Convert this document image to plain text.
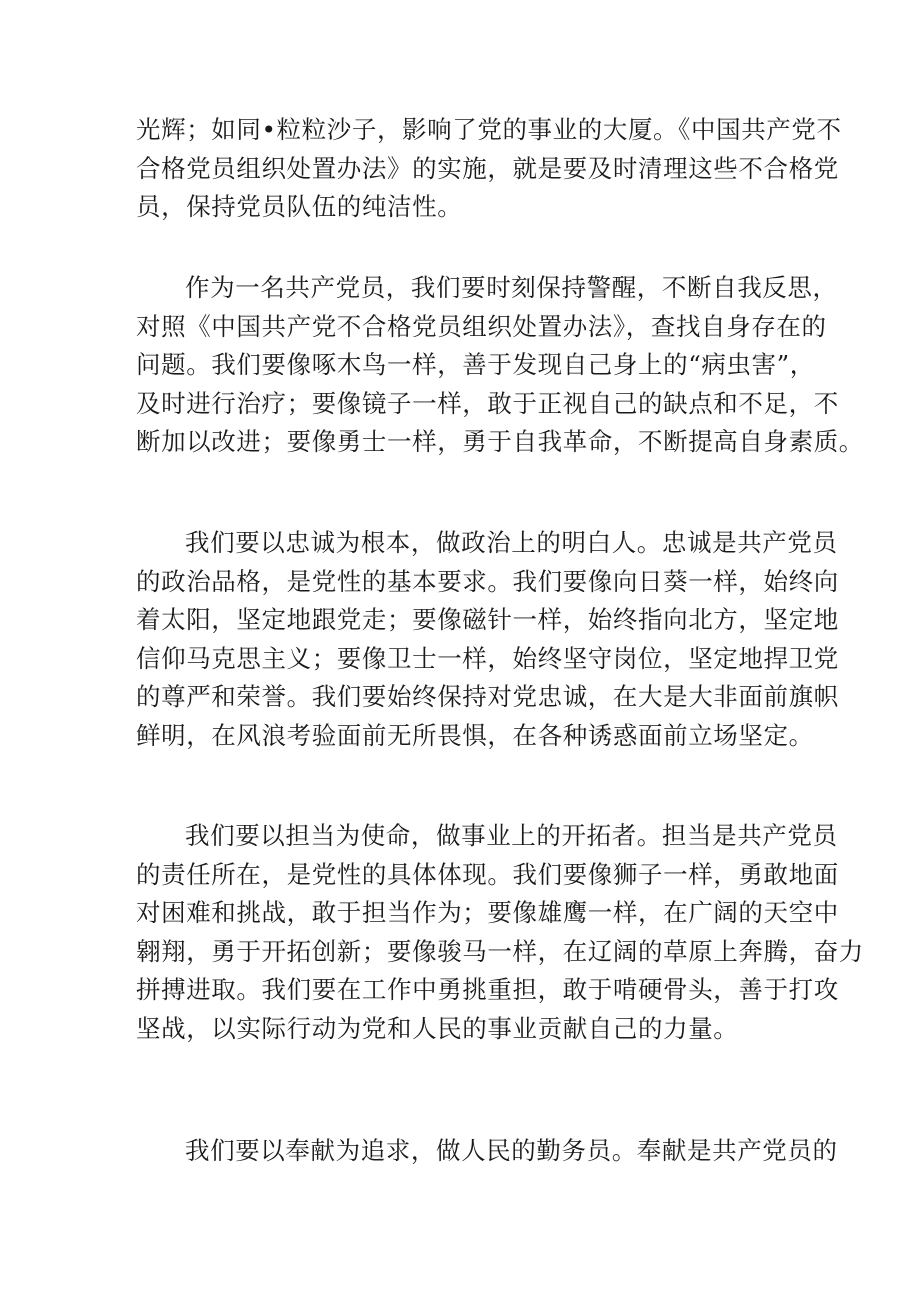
光辉；如同•粒粒沙子，影响了党的事业的大厦。《中国共产党不
合格党员组织处置办法》的实施，就是要及时清理这些不合格党
员，保持党员队伍的纯洁性。
作为一名共产党员，我们要时刻保持警醒，不断自我反思，
对照《中国共产党不合格党员组织处置办法》，查找自身存在的
问题。我们要像啄木鸟一样，善于发现自己身上的“病虫害”，
及时进行治疗；要像镜子一样，敢于正视自己的缺点和不足，不
断加以改进；要像勇士一样，勇于自我革命，不断提高自身素质。
我们要以忠诚为根本，做政治上的明白人。忠诚是共产党员
的政治品格，是党性的基本要求。我们要像向日葵一样，始终向
着太阳，坚定地跟党走；要像磁针一样，始终指向北方，坚定地
信仰马克思主义；要像卫士一样，始终坚守岗位，坚定地捍卫党
的尊严和荣誉。我们要始终保持对党忠诚，在大是大非面前旗帜
鲜明，在风浪考验面前无所畏惧，在各种诱惑面前立场坚定。
我们要以担当为使命，做事业上的开拓者。担当是共产党员
的责任所在，是党性的具体体现。我们要像狮子一样，勇敢地面
对困难和挑战，敢于担当作为；要像雄鹰一样，在广阔的天空中
翱翔，勇于开拓创新；要像骏马一样，在辽阔的草原上奔腾，奋力
拼搏进取。我们要在工作中勇挑重担，敢于啃硬骨头，善于打攻
坚战，以实际行动为党和人民的事业贡献自己的力量。
我们要以奉献为追求，做人民的勤务员。奉献是共产党员的
